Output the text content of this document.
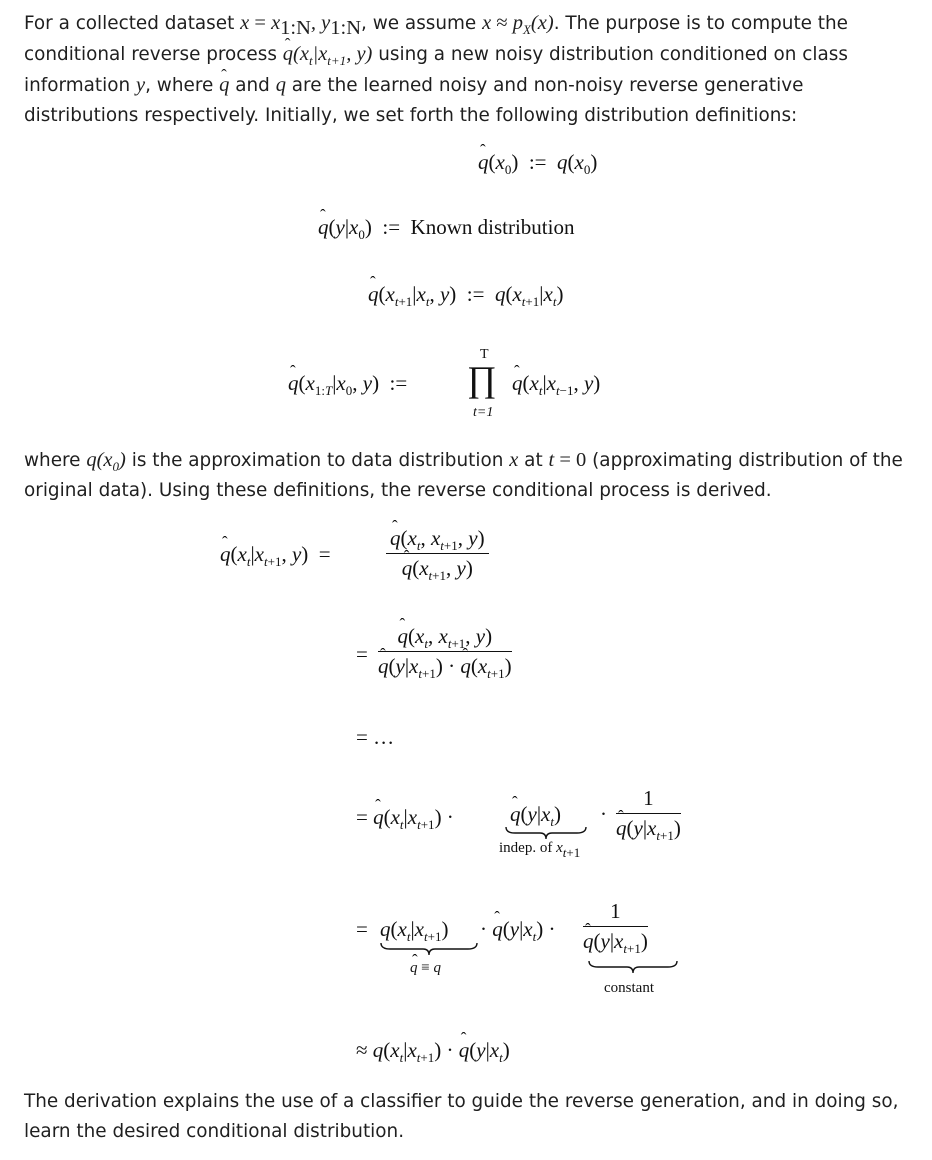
For a collected dataset $x = x_{1:N}$, $y_{1:N}$, we assume $x \approx p_X(x)$. The purpose is to compute the conditional reverse process q $ˆ(x_t|x_{t+1}$, y) using a new noisy distribution conditioned on class information y, where q ˆ and q are the learned noisy and non-noisy reverse generative distributions respectively. Initially, we set forth the following distribution definitions:
q $ˆ(x_0)$  :=  $q(x_0)$
q $ˆ(y|x_0)$  :=  Known distribution
q $ˆ(x_{t+1}|x_t$, y)  :=  $q(x_{t+1}|x_t)$
q $ˆ(x_{1:T}|x_0$, y)  :=
T
∏
t=1
q $ˆ(x_t|x_{t-1}$, y)
where $q(x_0)$ is the approximation to data distribution x at t = 0 (approximating distribution of the original data). Using these definitions, the reverse conditional process is derived.
q $ˆ(x_t|x_{t+1}$, y)  =	$\frac{q ˆ(x_t, x_{t+1}, y)}{q ˆ(x_{t+1}, y)}$
= $\frac{q ˆ(x_t, x_{t+1}, y)}{q ˆ(y|x_{t+1}) \cdot q ˆ(x_{t+1})}$
= …
= q $ˆ(x_t|x_{t+1})$ ·	q $ˆ(y|x_t)$
indep. of $x_{t+1}$
· $\frac{1}{q ˆ(y|x_{t+1})}$
= $q(x_t|x_{t+1})$
q ˆ ≡ q
· q $ˆ(y|x_t) \cdot \frac{1}{q ˆ(y|x_{t+1})}$
constant
≈ $q(x_t|x_{t+1}) \cdot q$ $ˆ(y|x_t)$
The derivation explains the use of a classifier to guide the reverse generation, and in doing so, learn the desired conditional distribution.
